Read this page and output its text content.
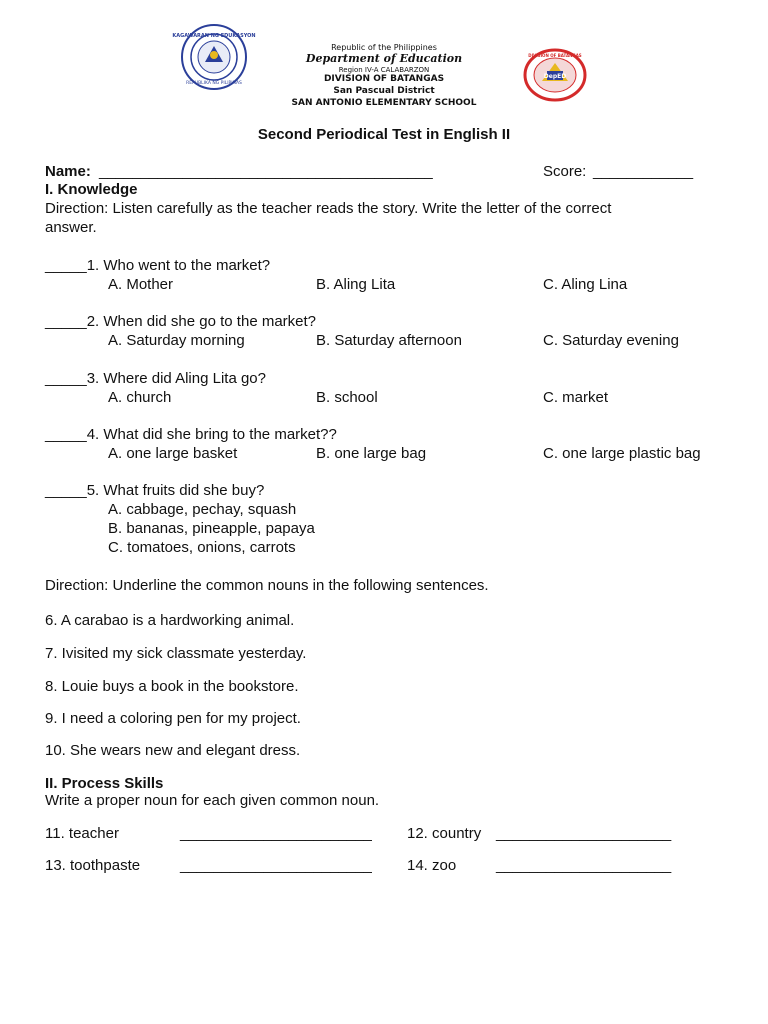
KAGAWARAN NG EDUKASYON
REPUBLIKA NG PILIPINAS
DepED
DIVISION OF BATANGAS
Republic of the Philippines
Department of Education
Region IV-A CALABARZON
DIVISION OF BATANGAS
San Pascual District
SAN ANTONIO ELEMENTARY SCHOOL
Second Periodical Test in English II
Name: ________________________________________	Score: ____________
I. Knowledge
Direction: Listen carefully as the teacher reads the story. Write the letter of the correct
answer.
_____1. Who went to the market?
A. Mother	B. Aling Lita	C. Aling Lina
_____2. When did she go to the market?
A. Saturday morning	B. Saturday afternoon	C. Saturday evening
_____3. Where did Aling Lita go?
A. church	B. school	C. market
_____4. What did she bring to the market??
A. one large basket	B. one large bag	C. one large plastic bag
_____5. What fruits did she buy?
A. cabbage, pechay, squash
B. bananas, pineapple, papaya
C. tomatoes, onions, carrots
Direction: Underline the common nouns in the following sentences.
6. A carabao is a hardworking animal.
7. Ivisited my sick classmate yesterday.
8. Louie buys a book in the bookstore.
9. I need a coloring pen for my project.
10. She wears new and elegant dress.
II. Process Skills
Write a proper noun for each given common noun.
11. teacher	_______________________ 12. country _____________________
13. toothpaste	_______________________ 14. zoo	_____________________
